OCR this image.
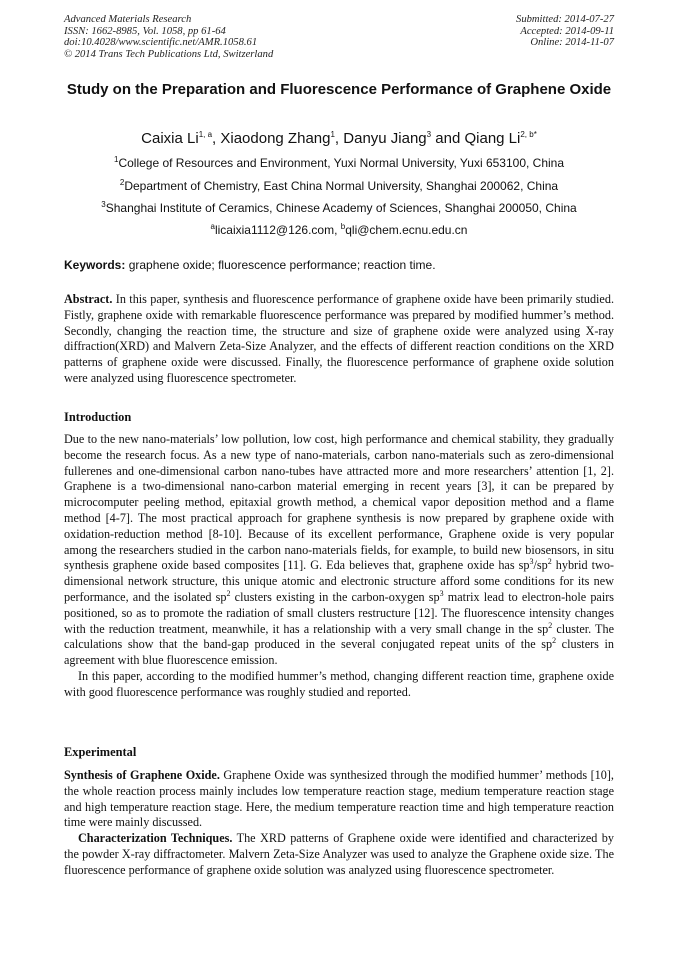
Advanced Materials Research
ISSN: 1662-8985, Vol. 1058, pp 61-64
doi:10.4028/www.scientific.net/AMR.1058.61
© 2014 Trans Tech Publications Ltd, Switzerland
Submitted: 2014-07-27
Accepted: 2014-09-11
Online: 2014-11-07
Study on the Preparation and Fluorescence Performance of Graphene Oxide
Caixia Li$^{1, a}$, Xiaodong Zhang$^1$, Danyu Jiang$^3$ and Qiang $Li^{2, b*}$
$^1$College of Resources and Environment, Yuxi Normal University, Yuxi 653100, China
$^2$Department of Chemistry, East China Normal University, Shanghai 200062, China
$^3$Shanghai Institute of Ceramics, Chinese Academy of Sciences, Shanghai 200050, China
$^a$licaixia1112@126.com, $^b$qli@chem.ecnu.edu.cn
Keywords: graphene oxide; fluorescence performance; reaction time.

Abstract. In this paper, synthesis and fluorescence performance of graphene oxide have been primarily studied. Fistly, graphene oxide with remarkable fluorescence performance was prepared by modified hummer’s method. Secondly, changing the reaction time, the structure and size of graphene oxide were analyzed using X-ray diffraction(XRD) and Malvern Zeta-Size Analyzer, and the effects of different reaction conditions on the XRD patterns of graphene oxide were discussed. Finally, the fluorescence performance of graphene oxide solution were analyzed using fluorescence spectrometer.

Introduction

Due to the new nano-materials’ low pollution, low cost, high performance and chemical stability, they gradually become the research focus. As a new type of nano-materials, carbon nano-materials such as zero-dimensional fullerenes and one-dimensional carbon nano-tubes have attracted more and more researchers’ attention [1, 2]. Graphene is a two-dimensional nano-carbon material emerging in recent years [3], it can be prepared by microcomputer peeling method, epitaxial growth method, a chemical vapor deposition method and a flame method [4-7]. The most practical approach for graphene synthesis is now prepared by graphene oxide with oxidation-reduction method [8-10]. Because of its excellent performance, Graphene oxide is very popular among the researchers studied in the carbon nano-materials fields, for example, to build new biosensors, in situ synthesis graphene oxide based composites [11]. G. Eda believes that, graphene oxide has $sp^3/sp^2$ hybrid two- dimensional network structure, this unique atomic and electronic structure afford some conditions for its new performance, and the isolated $sp^2$ clusters existing in the carbon-oxygen $sp^3$ matrix lead to electron-hole pairs positioned, so as to promote the radiation of small clusters restructure [12]. The fluorescence intensity changes with the reduction treatment, meanwhile, it has a relationship with a very small change in the $sp^2$ cluster. The calculations show that the band-gap produced in the several conjugated repeat units of the $sp^2$ clusters in agreement with blue fluorescence emission.

In this paper, according to the modified hummer’s method, changing different reaction time, graphene oxide with good fluorescence performance was roughly studied and reported.

Experimental

Synthesis of Graphene Oxide. Graphene Oxide was synthesized through the modified hummer’ methods [10], the whole reaction process mainly includes low temperature reaction stage, medium temperature reaction stage and high temperature reaction stage. Here, the medium temperature reaction time and high temperature reaction time were mainly discussed.

Characterization Techniques. The XRD patterns of Graphene oxide were identified and characterized by the powder X-ray diffractometer. Malvern Zeta-Size Analyzer was used to analyze the Graphene oxide size. The fluorescence performance of graphene oxide solution was analyzed using fluorescence spectrometer.
